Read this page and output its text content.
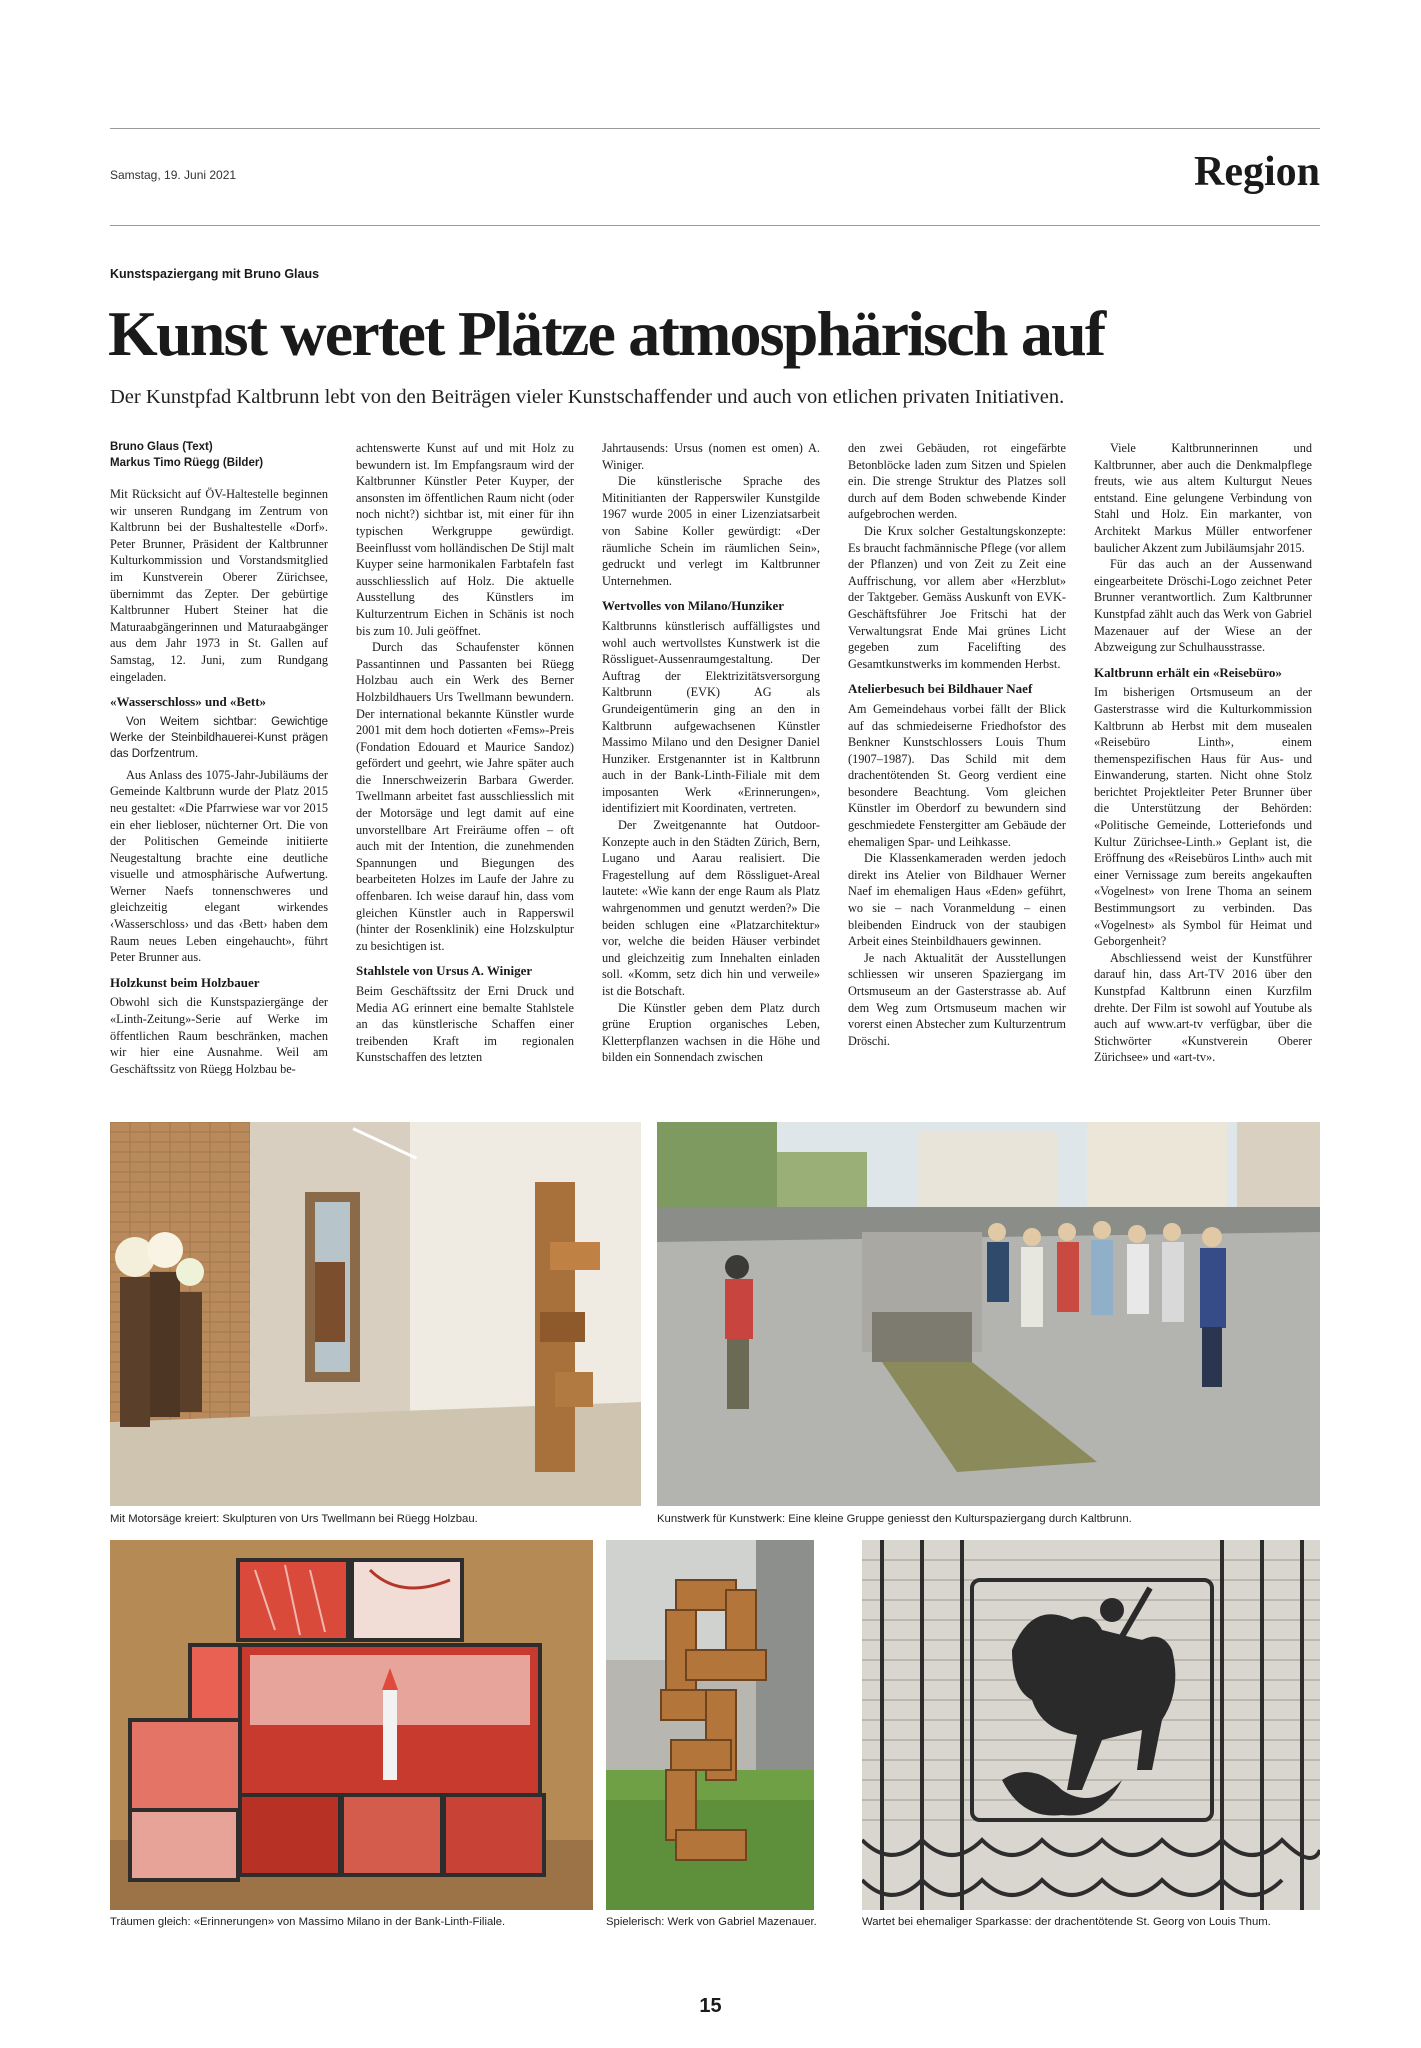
Samstag, 19. Juni 2021	Region
Kunstspaziergang mit Bruno Glaus
Kunst wertet Plätze atmosphärisch auf
Der Kunstpfad Kaltbrunn lebt von den Beiträgen vieler Kunstschaffender und auch von etlichen privaten Initiativen.
Bruno Glaus (Text)
Markus Timo Rüegg (Bilder)

Mit Rücksicht auf ÖV-Haltestelle beginnen wir unseren Rundgang im Zentrum von Kaltbrunn bei der Bushaltestelle «Dorf». Peter Brunner, Präsident der Kaltbrunner Kulturkommission und Vorstandsmitglied im Kunstverein Oberer Zürichsee, übernimmt das Zepter. Der gebürtige Kaltbrunner Hubert Steiner hat die Maturaabgängerinnen und Maturaabgänger aus dem Jahr 1973 in St. Gallen auf Samstag, 12. Juni, zum Rundgang eingeladen.

«Wasserschloss» und «Bett»

Von Weitem sichtbar: Gewichtige Werke der Steinbildhauerei-Kunst prägen das Dorfzentrum.

Aus Anlass des 1075-Jahr-Jubiläums der Gemeinde Kaltbrunn wurde der Platz 2015 neu gestaltet: «Die Pfarrwiese war vor 2015 ein eher liebloser, nüchterner Ort. Die von der Politischen Gemeinde initiierte Neugestaltung brachte eine deutliche visuelle und atmosphärische Aufwertung. Werner Naefs tonnenschweres und gleichzeitig elegant wirkendes ‹Wasserschloss› und das ‹Bett› haben dem Raum neues Leben eingehaucht», führt Peter Brunner aus.

Holzkunst beim Holzbauer

Obwohl sich die Kunstspaziergänge der «Linth-Zeitung»-Serie auf Werke im öffentlichen Raum beschränken, machen wir hier eine Ausnahme. Weil am Geschäftssitz von Rüegg Holzbau be-

achtenswerte Kunst auf und mit Holz zu bewundern ist. Im Empfangsraum wird der Kaltbrunner Künstler Peter Kuyper, der ansonsten im öffentlichen Raum nicht (oder noch nicht?) sichtbar ist, mit einer für ihn typischen Werkgruppe gewürdigt. Beeinflusst vom holländischen De Stijl malt Kuyper seine harmonikalen Farbtafeln fast ausschliesslich auf Holz. Die aktuelle Ausstellung des Künstlers im Kulturzentrum Eichen in Schänis ist noch bis zum 10. Juli geöffnet.

Durch das Schaufenster können Passantinnen und Passanten bei Rüegg Holzbau auch ein Werk des Berner Holzbildhauers Urs Twellmann bewundern. Der international bekannte Künstler wurde 2001 mit dem hoch dotierten «Fems»-Preis (Fondation Edouard et Maurice Sandoz) gefördert und geehrt, wie Jahre später auch die Innerschweizerin Barbara Gwerder. Twellmann arbeitet fast ausschliesslich mit der Motorsäge und legt damit auf eine unvorstellbare Art Freiräume offen – oft auch mit der Intention, die zunehmenden Spannungen und Biegungen des bearbeiteten Holzes im Laufe der Jahre zu offenbaren. Ich weise darauf hin, dass vom gleichen Künstler auch in Rapperswil (hinter der Rosenklinik) eine Holzskulptur zu besichtigen ist.

Stahlstele von Ursus A. Winiger

Beim Geschäftssitz der Erni Druck und Media AG erinnert eine bemalte Stahlstele an das künstlerische Schaffen einer treibenden Kraft im regionalen Kunstschaffen des letzten

Jahrtausends: Ursus (nomen est omen) A. Winiger.

Die künstlerische Sprache des Mitinitianten der Rapperswiler Kunstgilde 1967 wurde 2005 in einer Lizenziatsarbeit von Sabine Koller gewürdigt: «Der räumliche Schein im räumlichen Sein», gedruckt und verlegt im Kaltbrunner Unternehmen.

Wertvolles von Milano/Hunziker

Kaltbrunns künstlerisch auffälligstes und wohl auch wertvollstes Kunstwerk ist die Rössliguet-Aussenraumgestaltung. Der Auftrag der Elektrizitätsversorgung Kaltbrunn (EVK) AG als Grundeigentümerin ging an den in Kaltbrunn aufgewachsenen Künstler Massimo Milano und den Designer Daniel Hunziker. Erstgenannter ist in Kaltbrunn auch in der Bank-Linth-Filiale mit dem imposanten Werk «Erinnerungen», identifiziert mit Koordinaten, vertreten.

Der Zweitgenannte hat Outdoor-Konzepte auch in den Städten Zürich, Bern, Lugano und Aarau realisiert. Die Fragestellung auf dem Rössliguet-Areal lautete: «Wie kann der enge Raum als Platz wahrgenommen und genutzt werden?» Die beiden schlugen eine «Platzarchitektur» vor, welche die beiden Häuser verbindet und gleichzeitig zum Innehalten einladen soll. «Komm, setz dich hin und verweile» ist die Botschaft.

Die Künstler geben dem Platz durch grüne Eruption organisches Leben, Kletterpflanzen wachsen in die Höhe und bilden ein Sonnendach zwischen

den zwei Gebäuden, rot eingefärbte Betonblöcke laden zum Sitzen und Spielen ein. Die strenge Struktur des Platzes soll durch auf dem Boden schwebende Kinder aufgebrochen werden.

Die Krux solcher Gestaltungskonzepte: Es braucht fachmännische Pflege (vor allem der Pflanzen) und von Zeit zu Zeit eine Auffrischung, vor allem aber «Herzblut» der Taktgeber. Gemäss Auskunft von EVK-Geschäftsführer Joe Fritschi hat der Verwaltungsrat Ende Mai grünes Licht gegeben zum Facelifting des Gesamtkunstwerks im kommenden Herbst.

Atelierbesuch bei Bildhauer Naef

Am Gemeindehaus vorbei fällt der Blick auf das schmiedeiserne Friedhofstor des Benkner Kunstschlossers Louis Thum (1907–1987). Das Schild mit dem drachentötenden St. Georg verdient eine besondere Beachtung. Vom gleichen Künstler im Oberdorf zu bewundern sind geschmiedete Fenstergitter am Gebäude der ehemaligen Spar- und Leihkasse.

Die Klassenkameraden werden jedoch direkt ins Atelier von Bildhauer Werner Naef im ehemaligen Haus «Eden» geführt, wo sie – nach Voranmeldung – einen bleibenden Eindruck von der staubigen Arbeit eines Steinbildhauers gewinnen.

Je nach Aktualität der Ausstellungen schliessen wir unseren Spaziergang im Ortsmuseum an der Gasterstrasse ab. Auf dem Weg zum Ortsmuseum machen wir vorerst einen Abstecher zum Kulturzentrum Dröschi.

Viele Kaltbrunnerinnen und Kaltbrunner, aber auch die Denkmalpflege freuts, wie aus altem Kulturgut Neues entstand. Eine gelungene Verbindung von Stahl und Holz. Ein markanter, von Architekt Markus Müller entworfener baulicher Akzent zum Jubiläumsjahr 2015.

Für das auch an der Aussenwand eingearbeitete Dröschi-Logo zeichnet Peter Brunner verantwortlich. Zum Kaltbrunner Kunstpfad zählt auch das Werk von Gabriel Mazenauer auf der Wiese an der Abzweigung zur Schulhausstrasse.

Kaltbrunn erhält ein «Reisebüro»

Im bisherigen Ortsmuseum an der Gasterstrasse wird die Kulturkommission Kaltbrunn ab Herbst mit dem musealen «Reisebüro Linth», einem themenspezifischen Haus für Aus- und Einwanderung, starten. Nicht ohne Stolz berichtet Projektleiter Peter Brunner über die Unterstützung der Behörden: «Politische Gemeinde, Lotteriefonds und Kultur Zürichsee-Linth.» Geplant ist, die Eröffnung des «Reisebüros Linth» auch mit einer Vernissage zum bereits angekauften «Vogelnest» von Irene Thoma an seinem Bestimmungsort zu verbinden. Das «Vogelnest» als Symbol für Heimat und Geborgenheit?

Abschliessend weist der Kunstführer darauf hin, dass Art-TV 2016 über den Kunstpfad Kaltbrunn einen Kurzfilm drehte. Der Film ist sowohl auf Youtube als auch auf www.art-tv verfügbar, über die Stichwörter «Kunstverein Oberer Zürichsee» und «art-tv».

Mit Motorsäge kreiert: Skulpturen von Urs Twellmann bei Rüegg Holzbau.	Kunstwerk für Kunstwerk: Eine kleine Gruppe geniesst den Kulturspaziergang durch Kaltbrunn.
Träumen gleich: «Erinnerungen» von Massimo Milano in der Bank-Linth-Filiale.	Spielerisch: Werk von Gabriel Mazenauer.	Wartet bei ehemaliger Sparkasse: der drachentötende St. Georg von Louis Thum.
15
